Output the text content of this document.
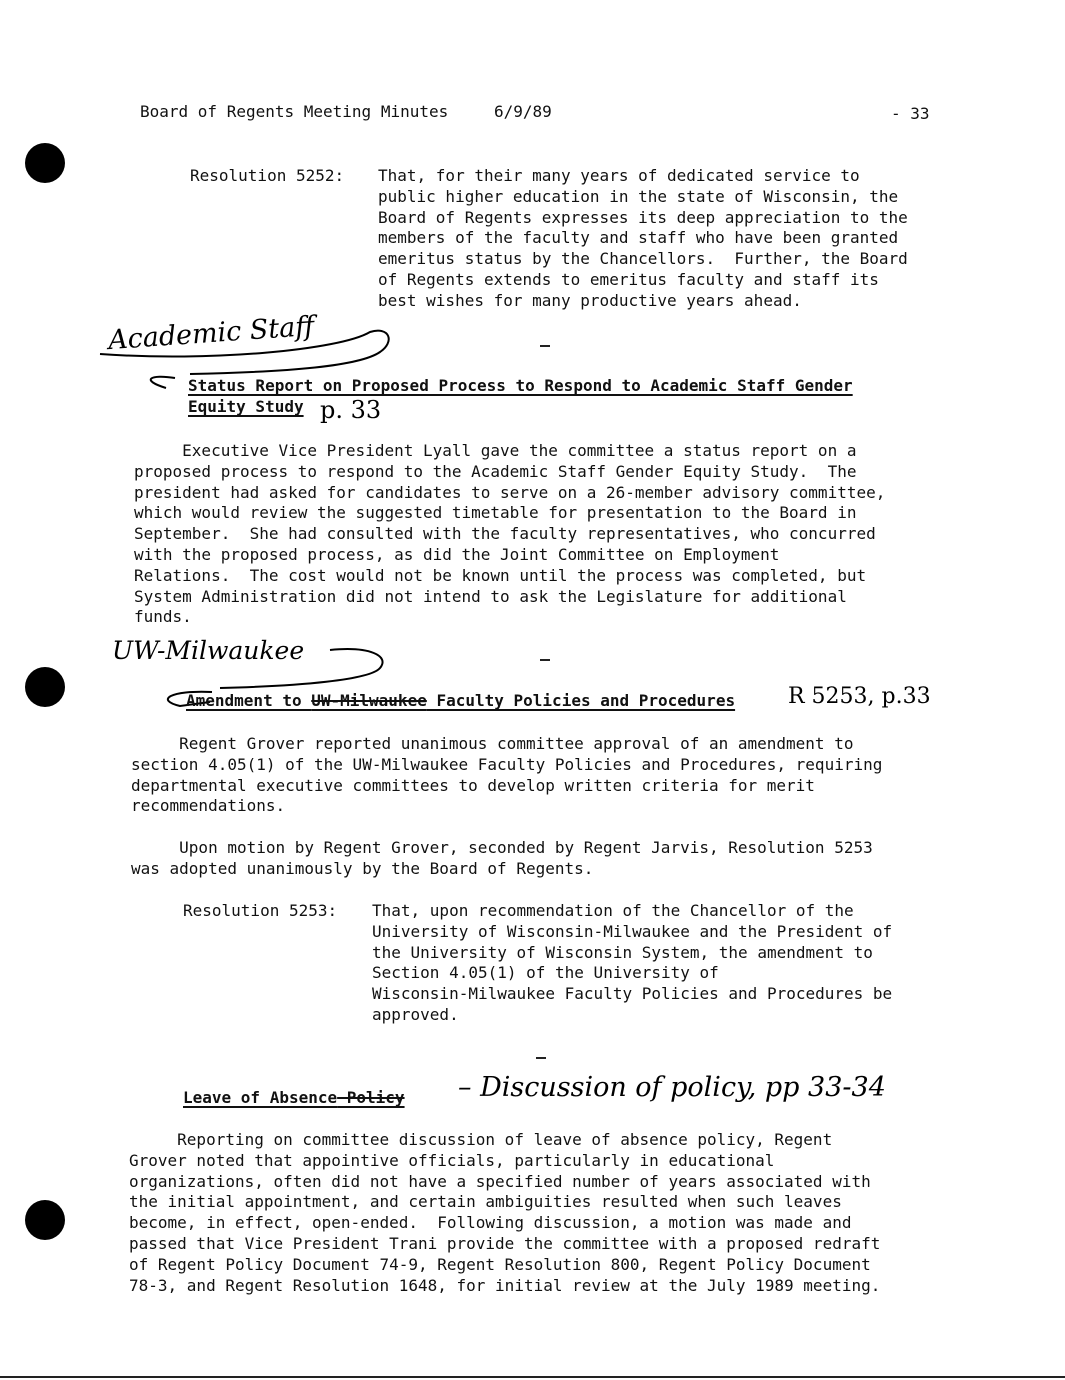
Board of Regents Meeting Minutes	6/9/89	- 33
Resolution 5252: That, for their many years of dedicated service to
public higher education in the state of Wisconsin, the
Board of Regents expresses its deep appreciation to the
members of the faculty and staff who have been granted
emeritus status by the Chancellors.  Further, the Board
of Regents extends to emeritus faculty and staff its
best wishes for many productive years ahead.
Academic Staff
Status Report on Proposed Process to Respond to Academic Staff Gender
Equity Study p. 33
Executive Vice President Lyall gave the committee a status report on a
proposed process to respond to the Academic Staff Gender Equity Study.  The
president had asked for candidates to serve on a 26-member advisory committee,
which would review the suggested timetable for presentation to the Board in
September.  She had consulted with the faculty representatives, who concurred
with the proposed process, as did the Joint Committee on Employment
Relations.  The cost would not be known until the process was completed, but
System Administration did not intend to ask the Legislature for additional
funds.
UW-Milwaukee
Amendment to UW-Milwaukee Faculty Policies and Procedures R 5253, p.33
Regent Grover reported unanimous committee approval of an amendment to
section 4.05(1) of the UW-Milwaukee Faculty Policies and Procedures, requiring
departmental executive committees to develop written criteria for merit
recommendations.
Upon motion by Regent Grover, seconded by Regent Jarvis, Resolution 5253
was adopted unanimously by the Board of Regents.
Resolution 5253: That, upon recommendation of the Chancellor of the
University of Wisconsin-Milwaukee and the President of
the University of Wisconsin System, the amendment to
Section 4.05(1) of the University of
Wisconsin-Milwaukee Faculty Policies and Procedures be
approved.
Leave of Absence Policy – Discussion of policy, pp 33-34
Reporting on committee discussion of leave of absence policy, Regent
Grover noted that appointive officials, particularly in educational
organizations, often did not have a specified number of years associated with
the initial appointment, and certain ambiguities resulted when such leaves
become, in effect, open-ended.  Following discussion, a motion was made and
passed that Vice President Trani provide the committee with a proposed redraft
of Regent Policy Document 74-9, Regent Resolution 800, Regent Policy Document
78-3, and Regent Resolution 1648, for initial review at the July 1989 meeting.
